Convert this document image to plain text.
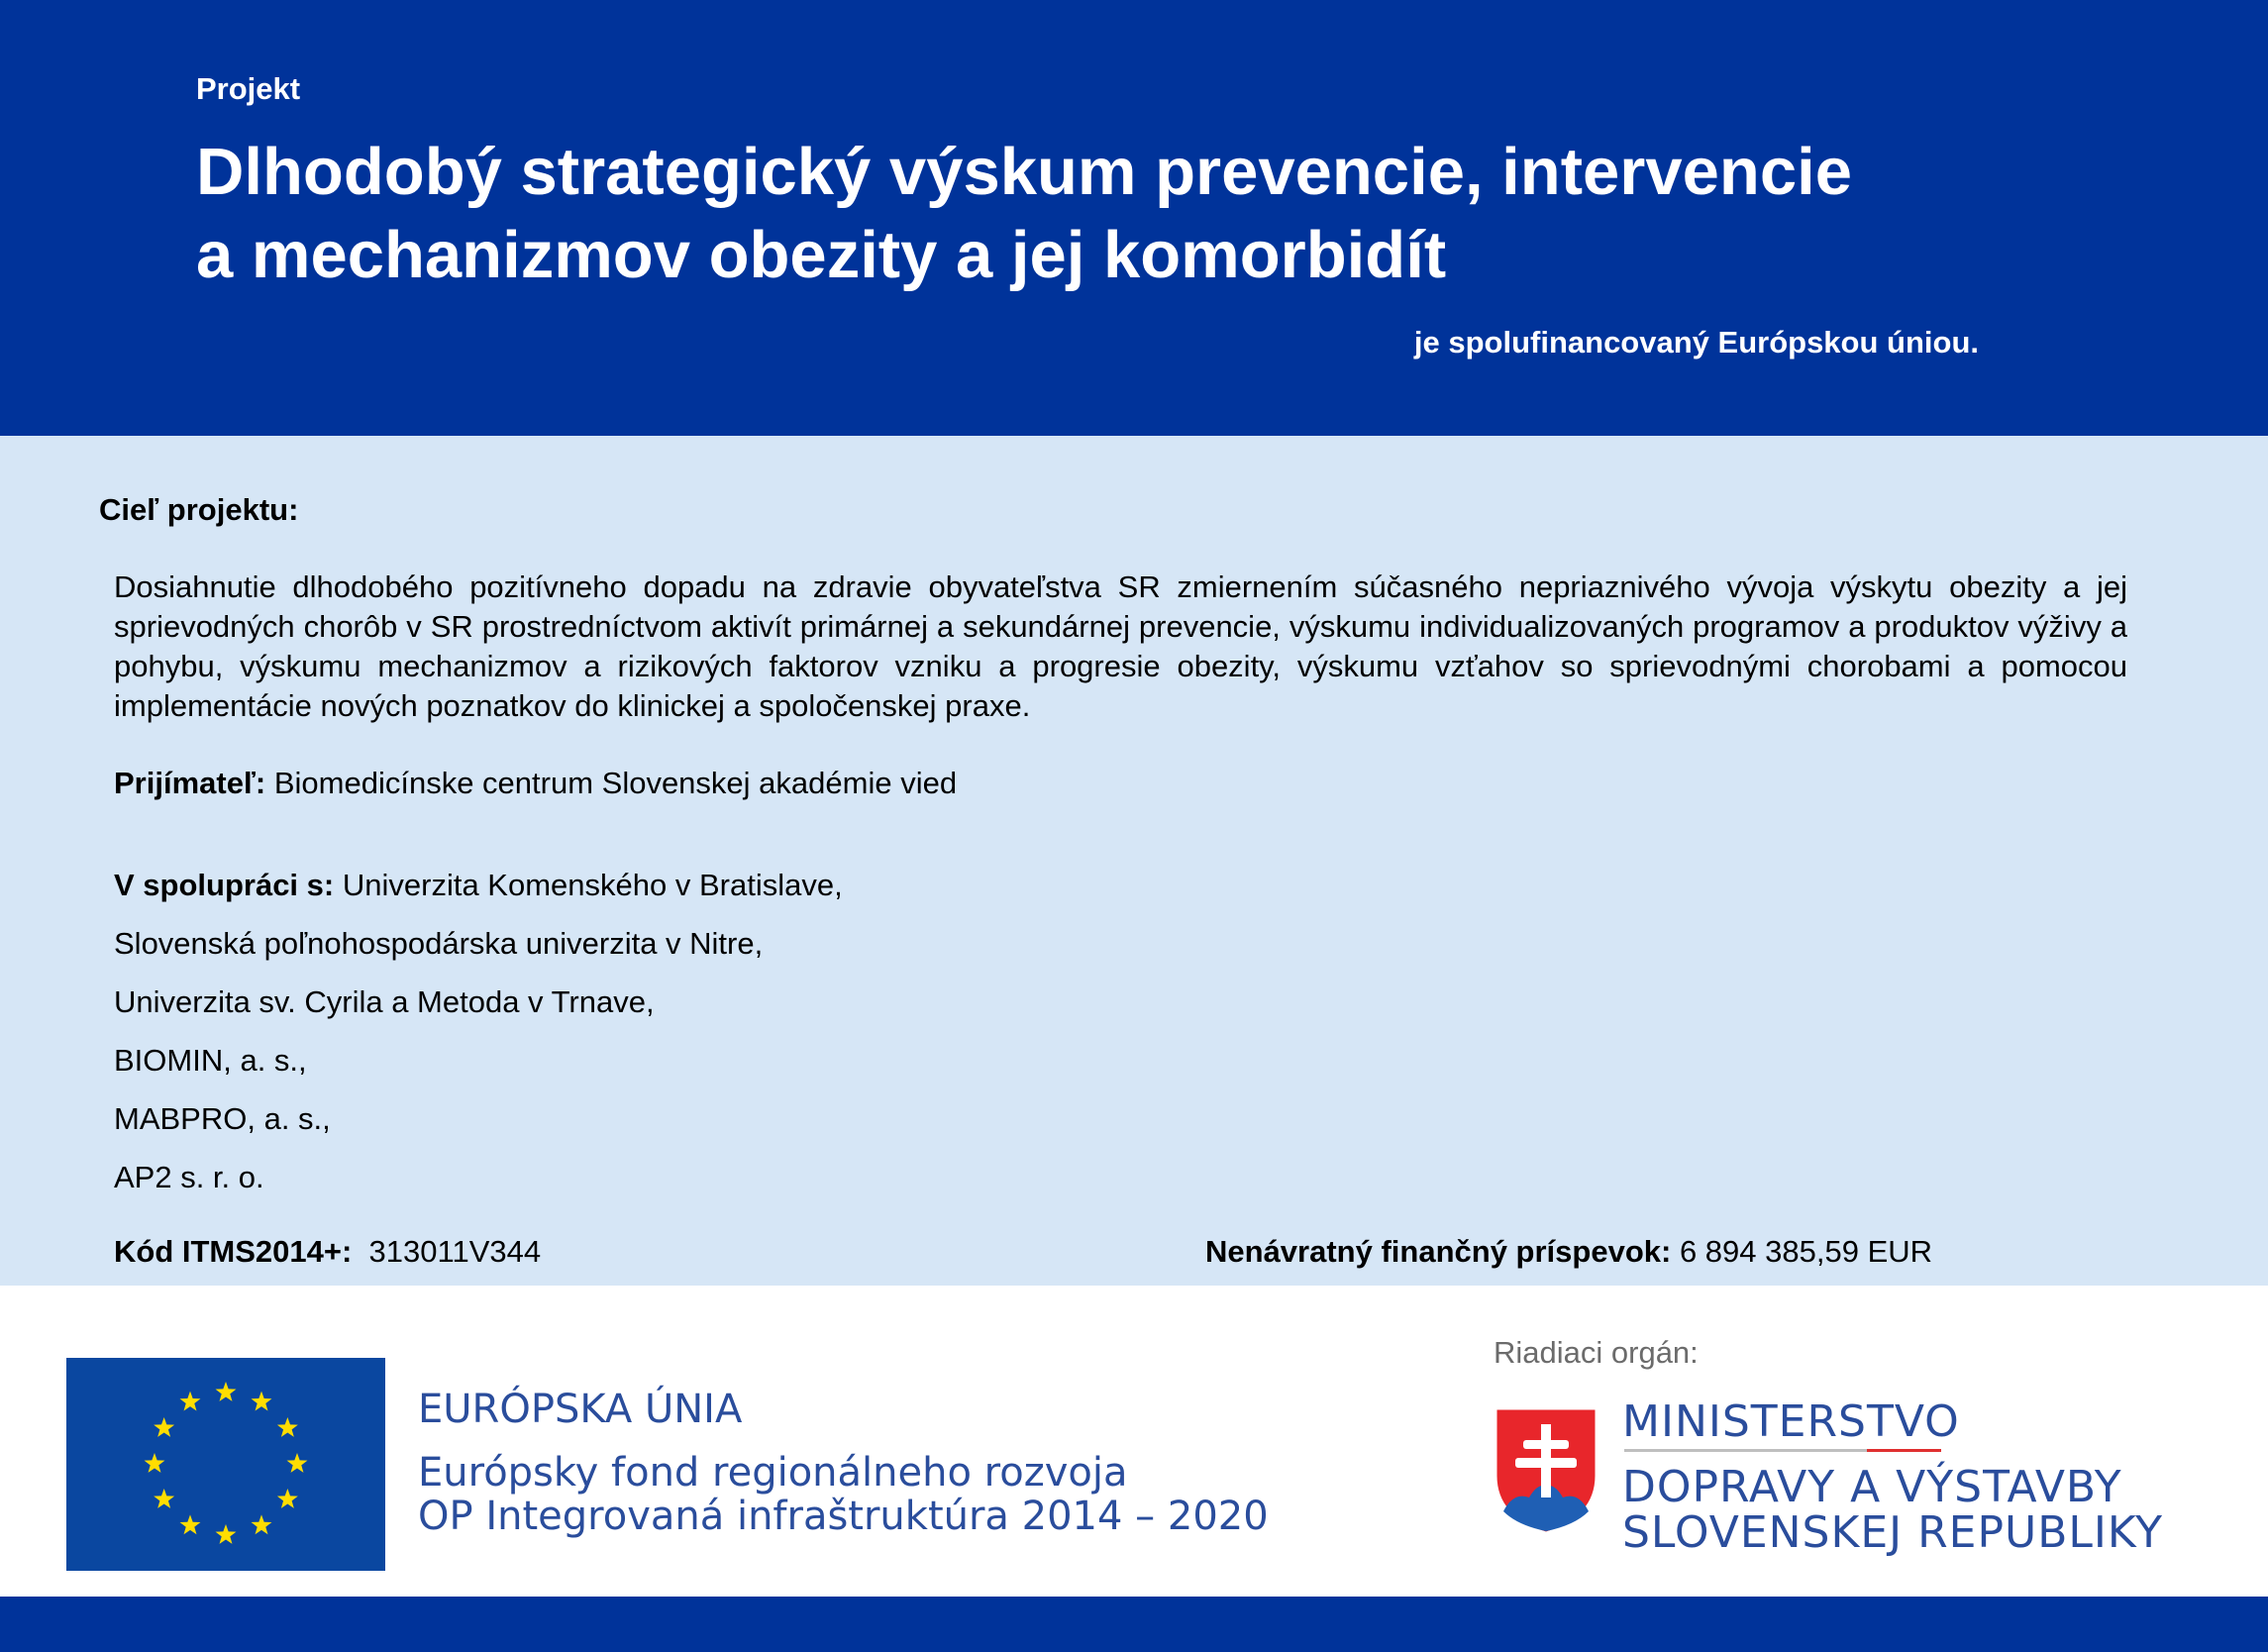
Projekt
Dlhodobý strategický výskum prevencie, intervencie
a mechanizmov obezity a jej komorbidít
je spolufinancovaný Európskou úniou.
Cieľ projektu:
Dosiahnutie dlhodobého pozitívneho dopadu na zdravie obyvateľstva SR zmiernením súčasného nepriaznivého vývoja výskytu obezity a jej sprievodných chorôb v SR prostredníctvom aktivít primárnej a sekundárnej prevencie, výskumu individualizovaných programov a produktov výživy a pohybu, výskumu mechanizmov a rizikových faktorov vzniku a progresie obezity, výskumu vzťahov so sprievodnými chorobami a pomocou implementácie nových poznatkov do klinickej a spoločenskej praxe.
Prijímateľ: Biomedicínske centrum Slovenskej akadémie vied
V spolupráci s: Univerzita Komenského v Bratislave,
Slovenská poľnohospodárska univerzita v Nitre,
Univerzita sv. Cyrila a Metoda v Trnave,
BIOMIN, a. s.,
MABPRO, a. s.,
AP2 s. r. o.
Kód ITMS2014+: 313011V344	Nenávratný finančný príspevok: 6 894 385,59 EUR
EURÓPSKA ÚNIA
Európsky fond regionálneho rozvoja
OP Integrovaná infraštruktúra 2014 – 2020
Riadiaci orgán:
MINISTERSTVO
DOPRAVY A VÝSTAVBY
SLOVENSKEJ REPUBLIKY
